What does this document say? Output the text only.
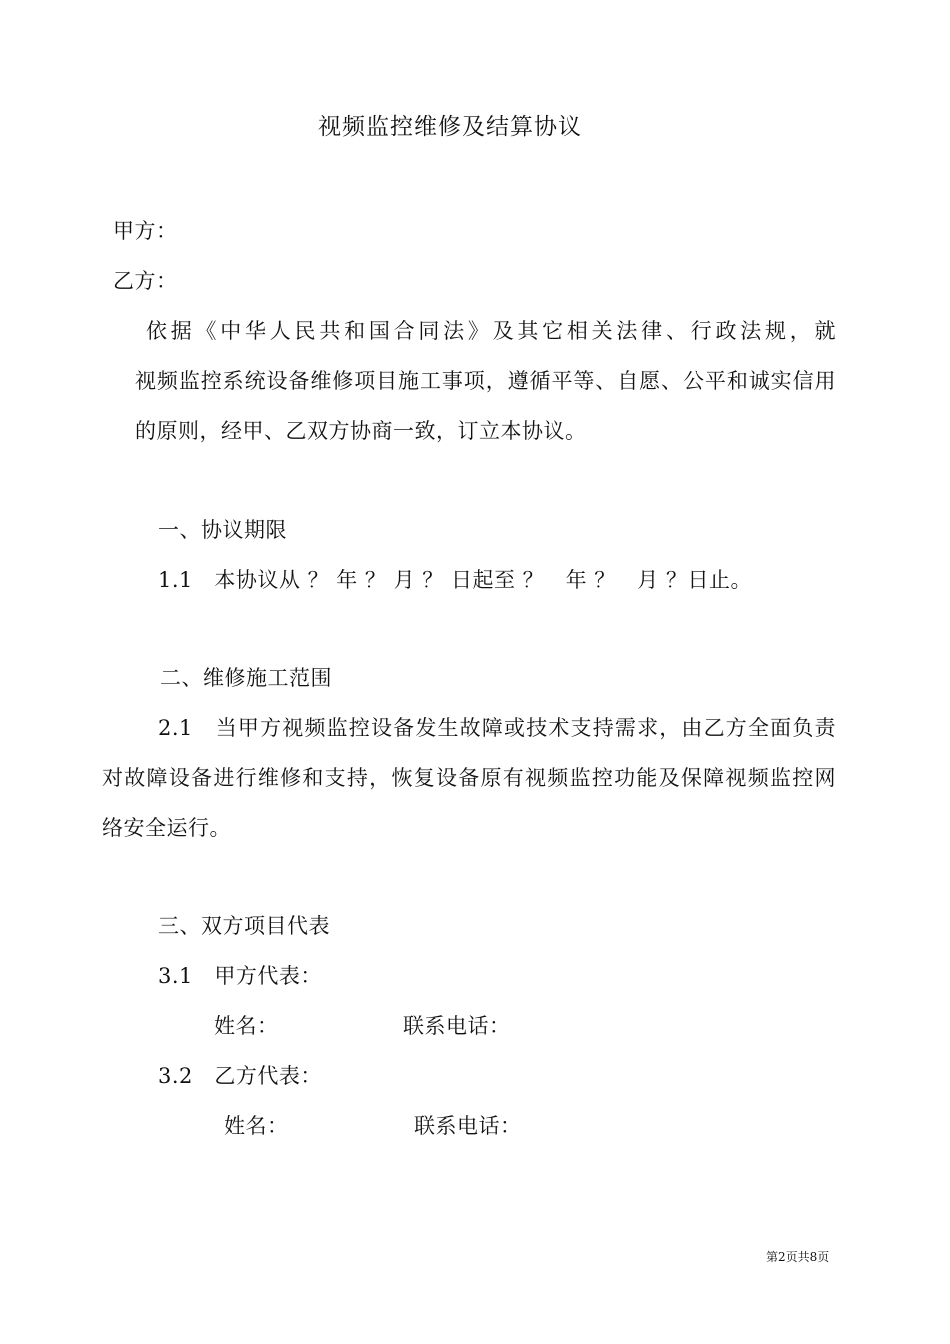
视频监控维修及结算协议
甲方：
乙方：
依据《中华人民共和国合同法》及其它相关法律、行政法规，就
视频监控系统设备维修项目施工事项，遵循平等、自愿、公平和诚实信用
的原则，经甲、乙双方协商一致，订立本协议。
一、协议期限
1.1　本协议从 ？ 年 ？ 月 ？ 日起至 ？　年 ？　月 ？日止。
二、维修施工范围
2.1　当甲方视频监控设备发生故障或技术支持需求，由乙方全面负责
对故障设备进行维修和支持，恢复设备原有视频监控功能及保障视频监控网
络安全运行。
三、双方项目代表
3.1　甲方代表：
姓名：	联系电话：
3.2　乙方代表：
姓名：	联系电话：
第2页共8页
